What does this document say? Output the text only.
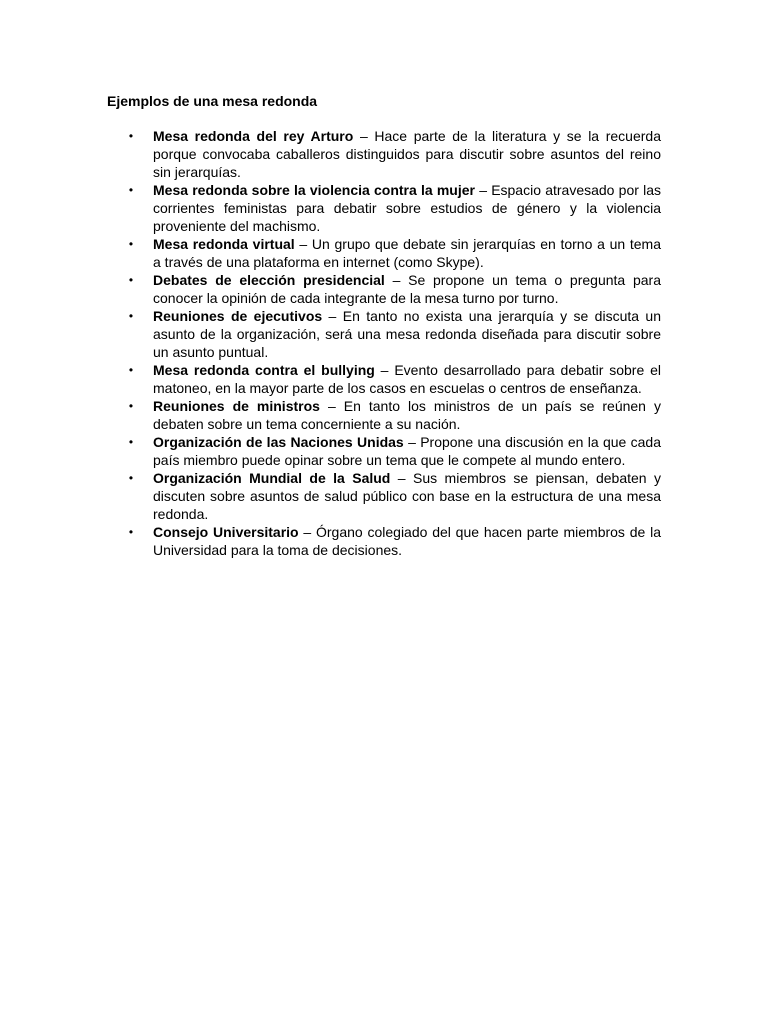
Ejemplos de una mesa redonda
• Mesa redonda del rey Arturo – Hace parte de la literatura y se la recuerda porque convocaba caballeros distinguidos para discutir sobre asuntos del reino sin jerarquías.
• Mesa redonda sobre la violencia contra la mujer – Espacio atravesado por las corrientes feministas para debatir sobre estudios de género y la violencia proveniente del machismo.
• Mesa redonda virtual – Un grupo que debate sin jerarquías en torno a un tema a través de una plataforma en internet (como Skype).
• Debates de elección presidencial – Se propone un tema o pregunta para conocer la opinión de cada integrante de la mesa turno por turno.
• Reuniones de ejecutivos – En tanto no exista una jerarquía y se discuta un asunto de la organización, será una mesa redonda diseñada para discutir sobre un asunto puntual.
• Mesa redonda contra el bullying – Evento desarrollado para debatir sobre el matoneo, en la mayor parte de los casos en escuelas o centros de enseñanza.
• Reuniones de ministros – En tanto los ministros de un país se reúnen y debaten sobre un tema concerniente a su nación.
• Organización de las Naciones Unidas – Propone una discusión en la que cada país miembro puede opinar sobre un tema que le compete al mundo entero.
• Organización Mundial de la Salud – Sus miembros se piensan, debaten y discuten sobre asuntos de salud público con base en la estructura de una mesa redonda.
• Consejo Universitario – Órgano colegiado del que hacen parte miembros de la Universidad para la toma de decisiones.
